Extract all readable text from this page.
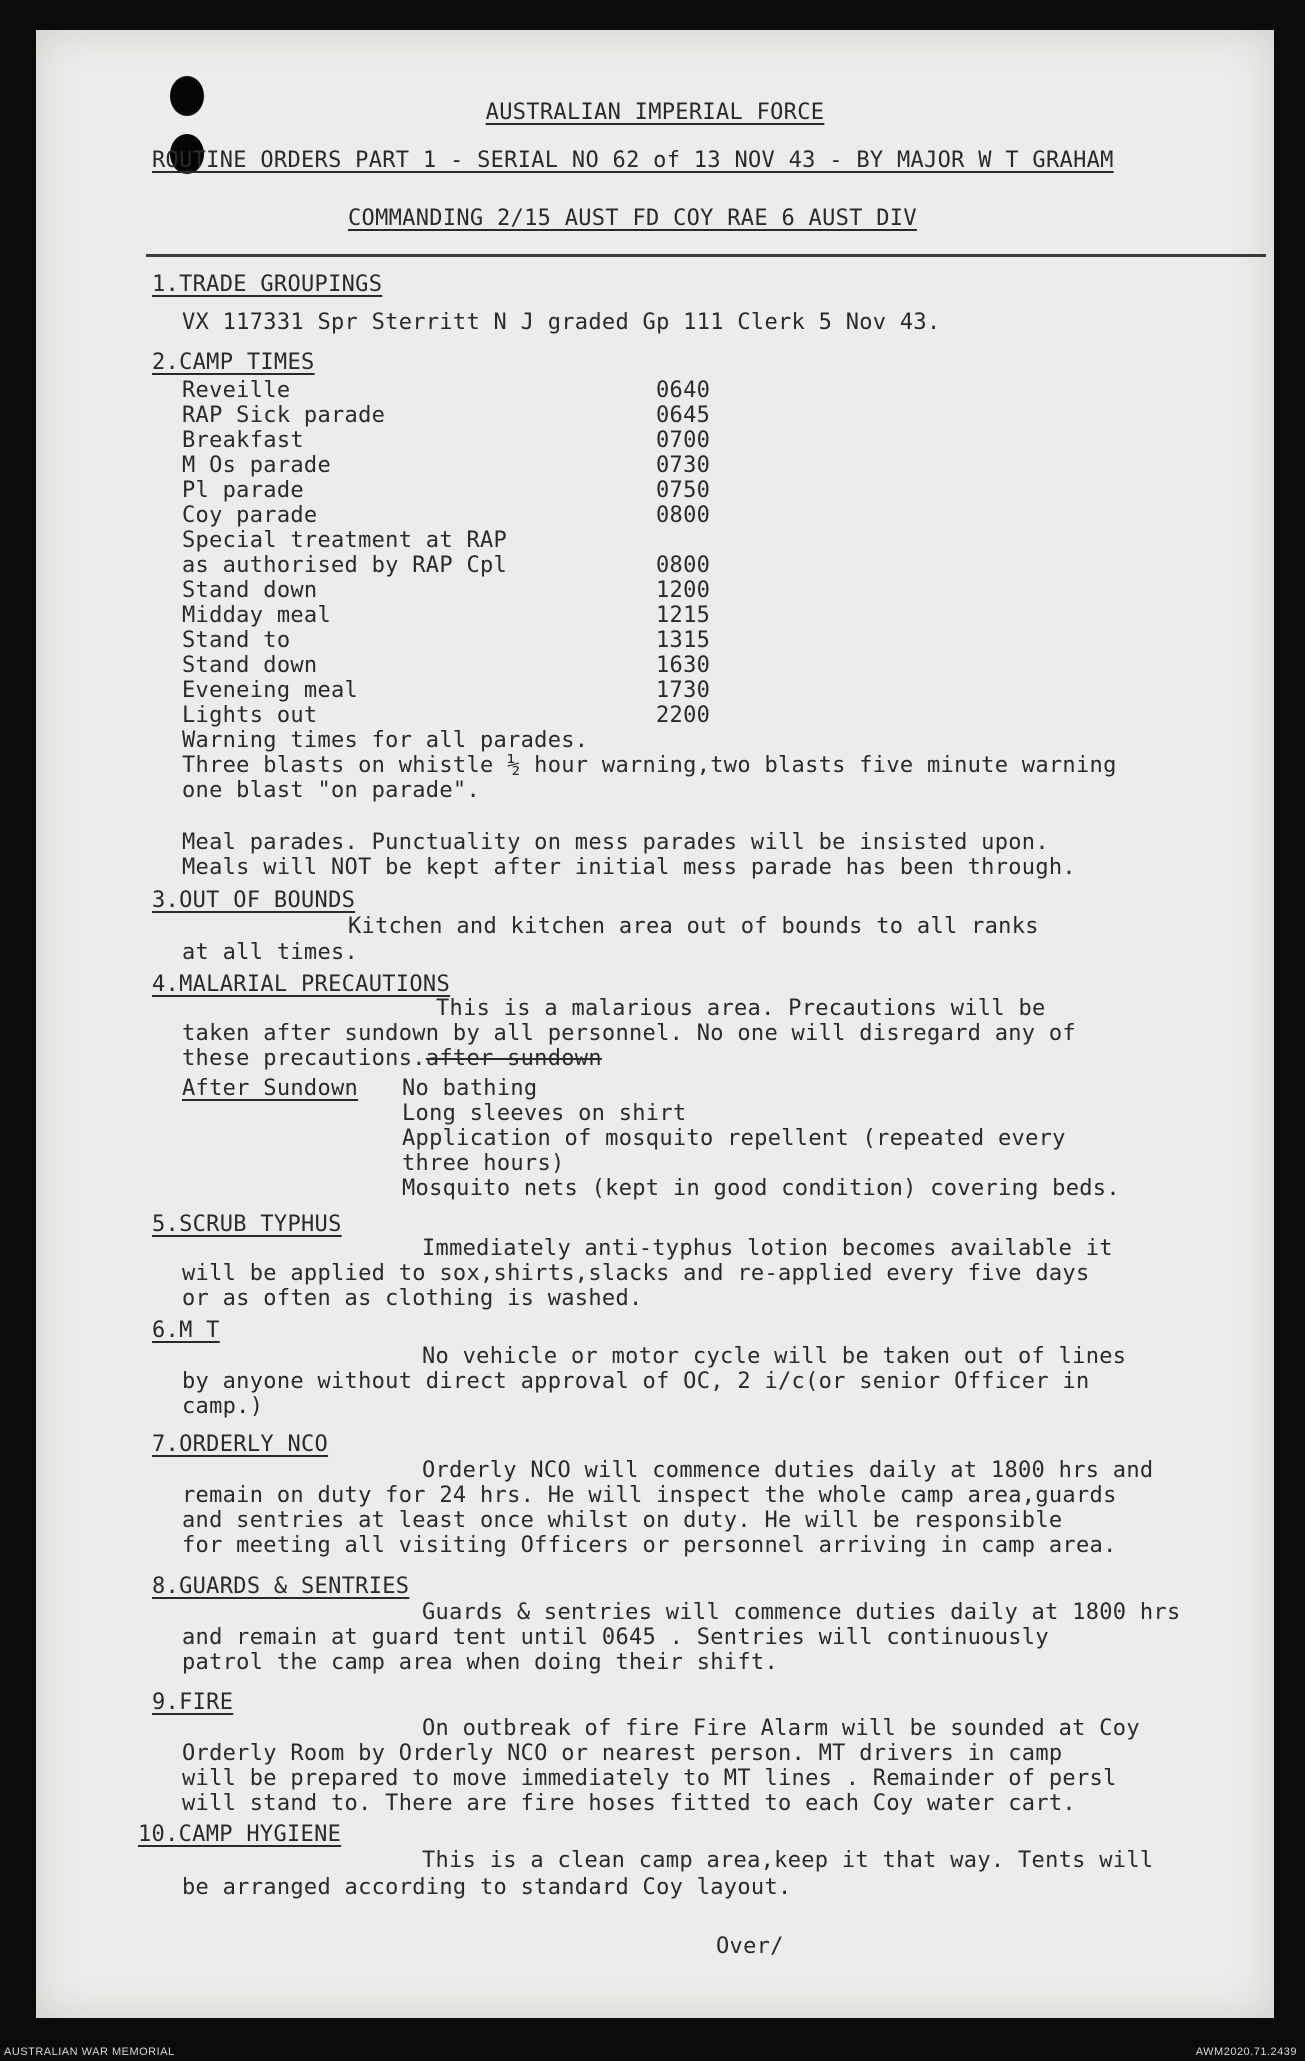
AUSTRALIAN IMPERIAL FORCE
ROUTINE ORDERS PART 1 - SERIAL NO 62 of 13 NOV 43 - BY MAJOR W T GRAHAM
COMMANDING 2/15 AUST FD COY RAE 6 AUST DIV
1.TRADE GROUPINGS
VX 117331 Spr Sterritt N J graded Gp 111 Clerk 5 Nov 43.
2.CAMP TIMES
Reveille	0640
RAP Sick parade	0645
Breakfast	0700
M Os parade	0730
Pl parade	0750
Coy parade	0800
Special treatment at RAP
as authorised by RAP Cpl	0800
Stand down	1200
Midday meal	1215
Stand to	1315
Stand down	1630
Eveneing meal	1730
Lights out	2200
Warning times for all parades.
Three blasts on whistle ½ hour warning,two blasts five minute warning
one blast "on parade".
Meal parades. Punctuality on mess parades will be insisted upon.
Meals will NOT be kept after initial mess parade has been through.
3.OUT OF BOUNDS
Kitchen and kitchen area out of bounds to all ranks
at all times.
4.MALARIAL PRECAUTIONS
This is a malarious area. Precautions will be
taken after sundown by all personnel. No one will disregard any of
these precautions.after sundown
After Sundown No bathing
Long sleeves on shirt
Application of mosquito repellent (repeated every
three hours)
Mosquito nets (kept in good condition) covering beds.
5.SCRUB TYPHUS
Immediately anti-typhus lotion becomes available it
will be applied to sox,shirts,slacks and re-applied every five days
or as often as clothing is washed.
6.M T
No vehicle or motor cycle will be taken out of lines
by anyone without direct approval of OC, 2 i/c(or senior Officer in
camp.)
7.ORDERLY NCO
Orderly NCO will commence duties daily at 1800 hrs and
remain on duty for 24 hrs. He will inspect the whole camp area,guards
and sentries at least once whilst on duty. He will be responsible
for meeting all visiting Officers or personnel arriving in camp area.
8.GUARDS & SENTRIES
Guards & sentries will commence duties daily at 1800 hrs
and remain at guard tent until 0645 . Sentries will continuously
patrol the camp area when doing their shift.
9.FIRE
On outbreak of fire Fire Alarm will be sounded at Coy
Orderly Room by Orderly NCO or nearest person. MT drivers in camp
will be prepared to move immediately to MT lines . Remainder of persl
will stand to. There are fire hoses fitted to each Coy water cart.
10.CAMP HYGIENE
This is a clean camp area,keep it that way. Tents will
be arranged according to standard Coy layout.
Over/
AUSTRALIAN WAR MEMORIAL	AWM2020.71.2439
